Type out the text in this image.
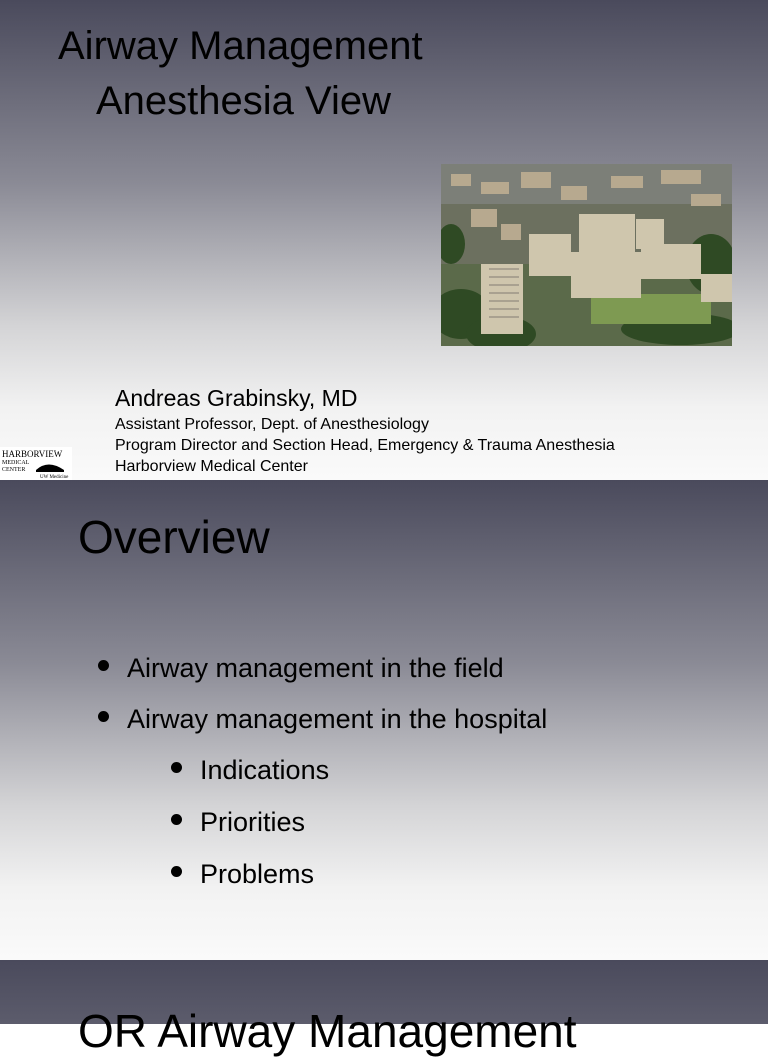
Airway Management
Anesthesia View
Andreas Grabinsky, MD
Assistant Professor, Dept. of Anesthesiology
Program Director and Section Head, Emergency & Trauma Anesthesia
Harborview Medical Center
HARBORVIEW
MEDICAL
CENTER
UW Medicine
Overview
Airway management in the field
Airway management in the hospital
Indications
Priorities
Problems
OR Airway Management
